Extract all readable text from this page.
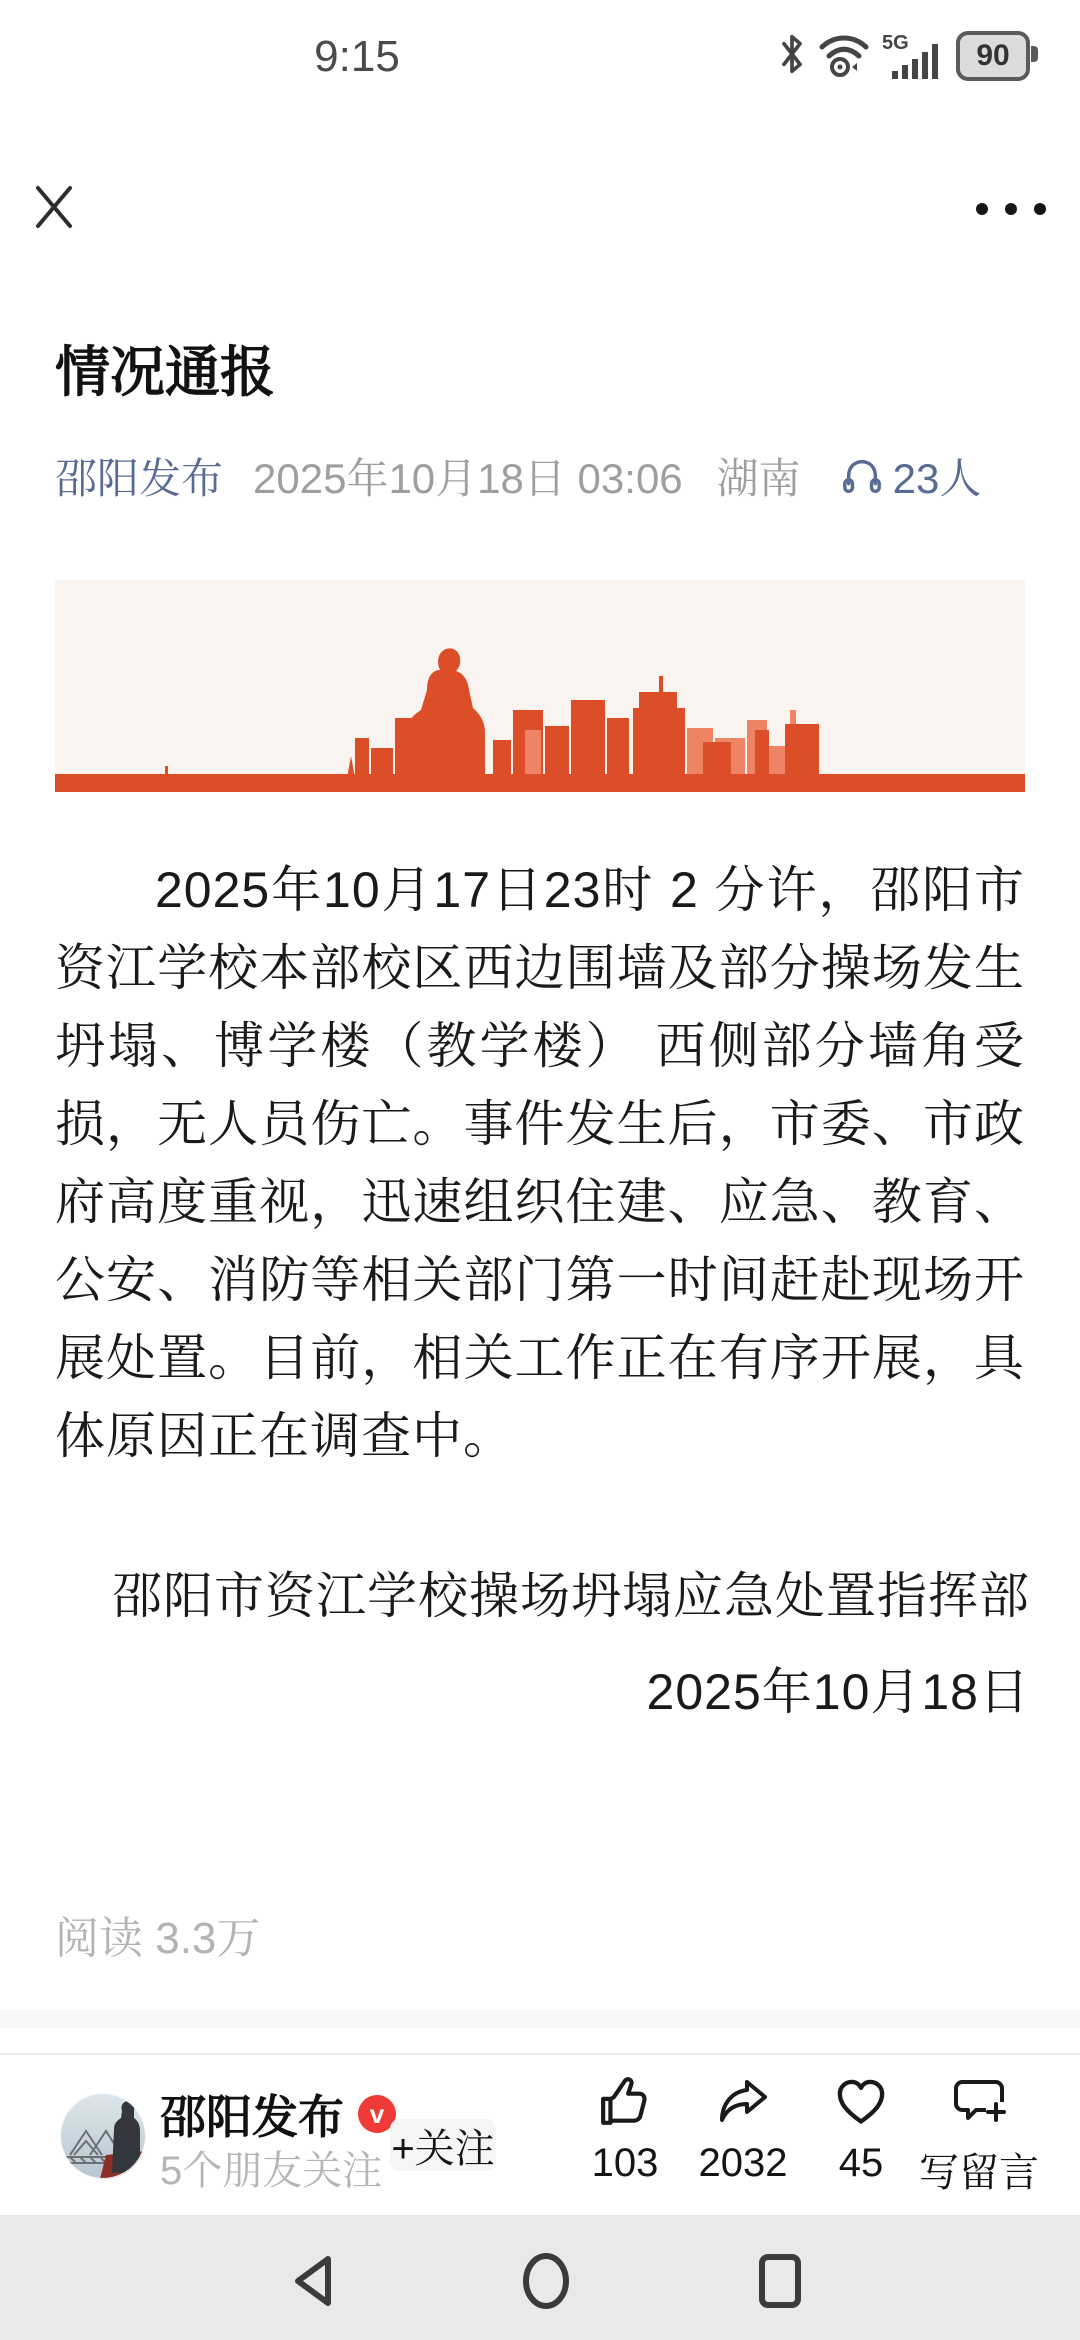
9:15	5G 90
情况通报
邵阳发布 2025年10月18日 03:06 湖南 23人
2025年10月17日23时 2 分许，邵阳市资江学校本部校区西边围墙及部分操场发生坍塌、博学楼（教学楼） 西侧部分墙角受损，无人员伤亡。事件发生后，市委、市政府高度重视，迅速组织住建、应急、教育、公安、消防等相关部门第一时间赶赴现场开展处置。目前，相关工作正在有序开展，具体原因正在调查中。
邵阳市资江学校操场坍塌应急处置指挥部
2025年10月18日
阅读 3.3万
邵阳发布 v
5个朋友关注
+关注 103 2032 45 写留言
